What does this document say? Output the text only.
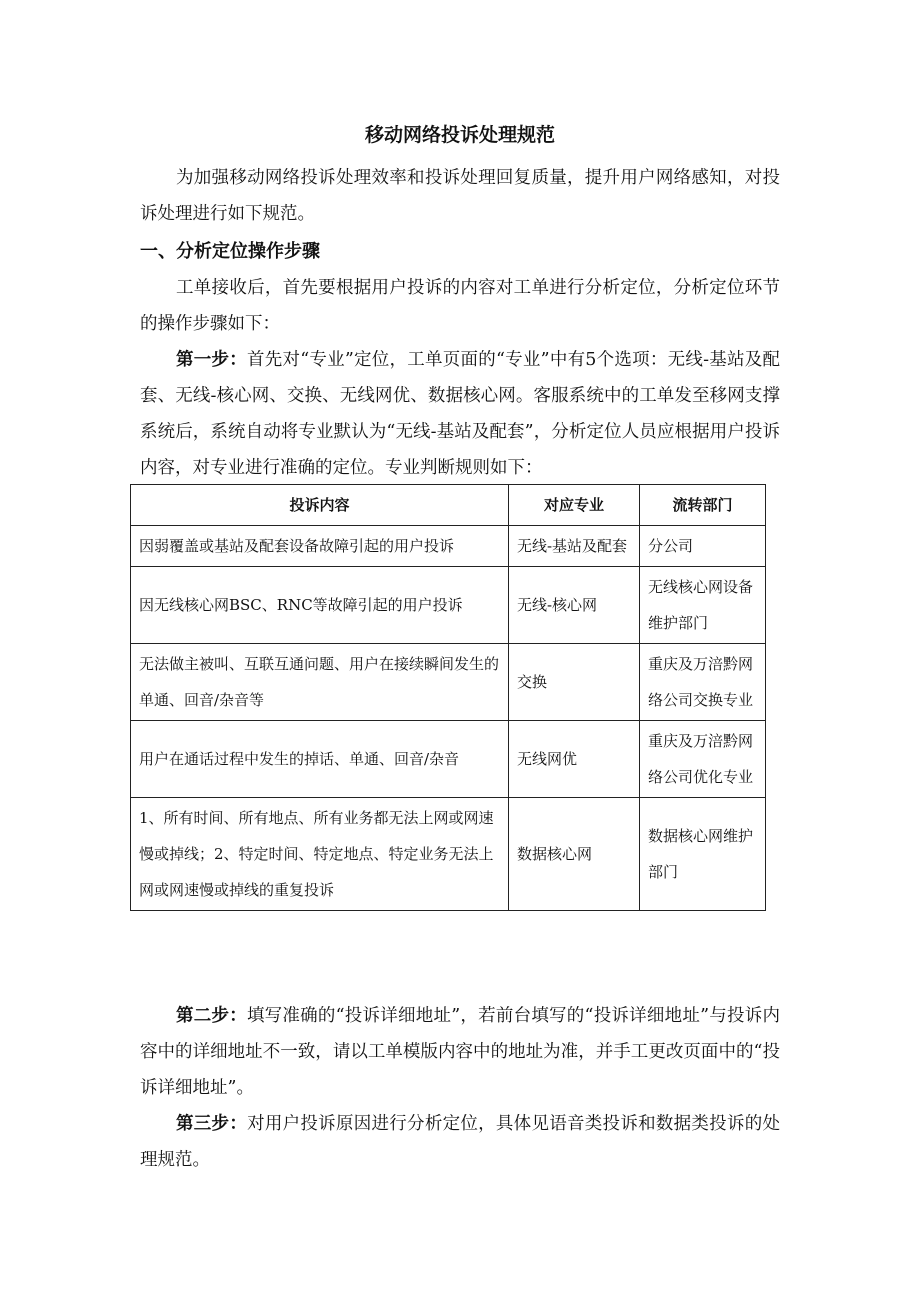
移动网络投诉处理规范

为加强移动网络投诉处理效率和投诉处理回复质量，提升用户网络感知，对投诉处理进行如下规范。

一、分析定位操作步骤

工单接收后，首先要根据用户投诉的内容对工单进行分析定位，分析定位环节的操作步骤如下：

第一步：首先对“专业”定位，工单页面的“专业”中有5个选项：无线-基站及配套、无线-核心网、交换、无线网优、数据核心网。客服系统中的工单发至移网支撑系统后，系统自动将专业默认为“无线-基站及配套”，分析定位人员应根据用户投诉内容，对专业进行准确的定位。专业判断规则如下：

投诉内容	对应专业	流转部门
因弱覆盖或基站及配套设备故障引起的用户投诉	无线-基站及配套	分公司
因无线核心网BSC、RNC等故障引起的用户投诉	无线-核心网	无线核心网设备维护部门
无法做主被叫、互联互通问题、用户在接续瞬间发生的单通、回音/杂音等	交换	重庆及万涪黔网络公司交换专业
用户在通话过程中发生的掉话、单通、回音/杂音	无线网优	重庆及万涪黔网络公司优化专业
1、所有时间、所有地点、所有业务都无法上网或网速慢或掉线；2、特定时间、特定地点、特定业务无法上网或网速慢或掉线的重复投诉	数据核心网	数据核心网维护部门

第二步：填写准确的“投诉详细地址”，若前台填写的“投诉详细地址”与投诉内容中的详细地址不一致，请以工单模版内容中的地址为准，并手工更改页面中的“投诉详细地址”。

第三步：对用户投诉原因进行分析定位，具体见语音类投诉和数据类投诉的处理规范。
